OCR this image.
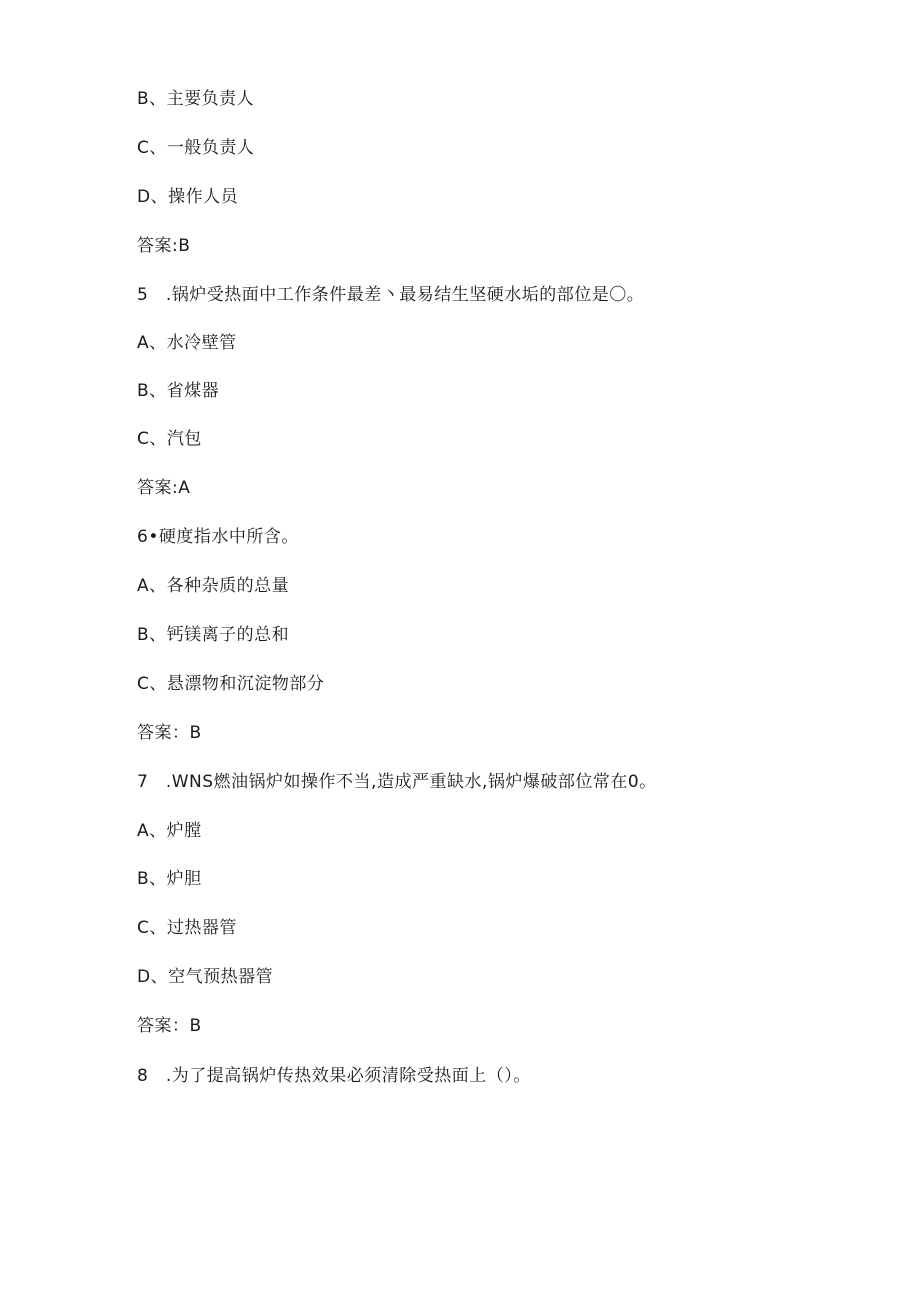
B、主要负责人
C、一般负责人
D、操作人员
答案:B
5　.锅炉受热面中工作条件最差丶最易结生坚硬水垢的部位是〇。
A、水冷壁管
B、省煤器
C、汽包
答案:A
6•硬度指水中所含。
A、各种杂质的总量
B、钙镁离子的总和
C、悬漂物和沉淀物部分
答案：B
7　.WNS燃油锅炉如操作不当,造成严重缺水,锅炉爆破部位常在0。
A、炉膛
B、炉胆
C、过热器管
D、空气预热器管
答案：B
8　.为了提高锅炉传热效果必须清除受热面上（）。
